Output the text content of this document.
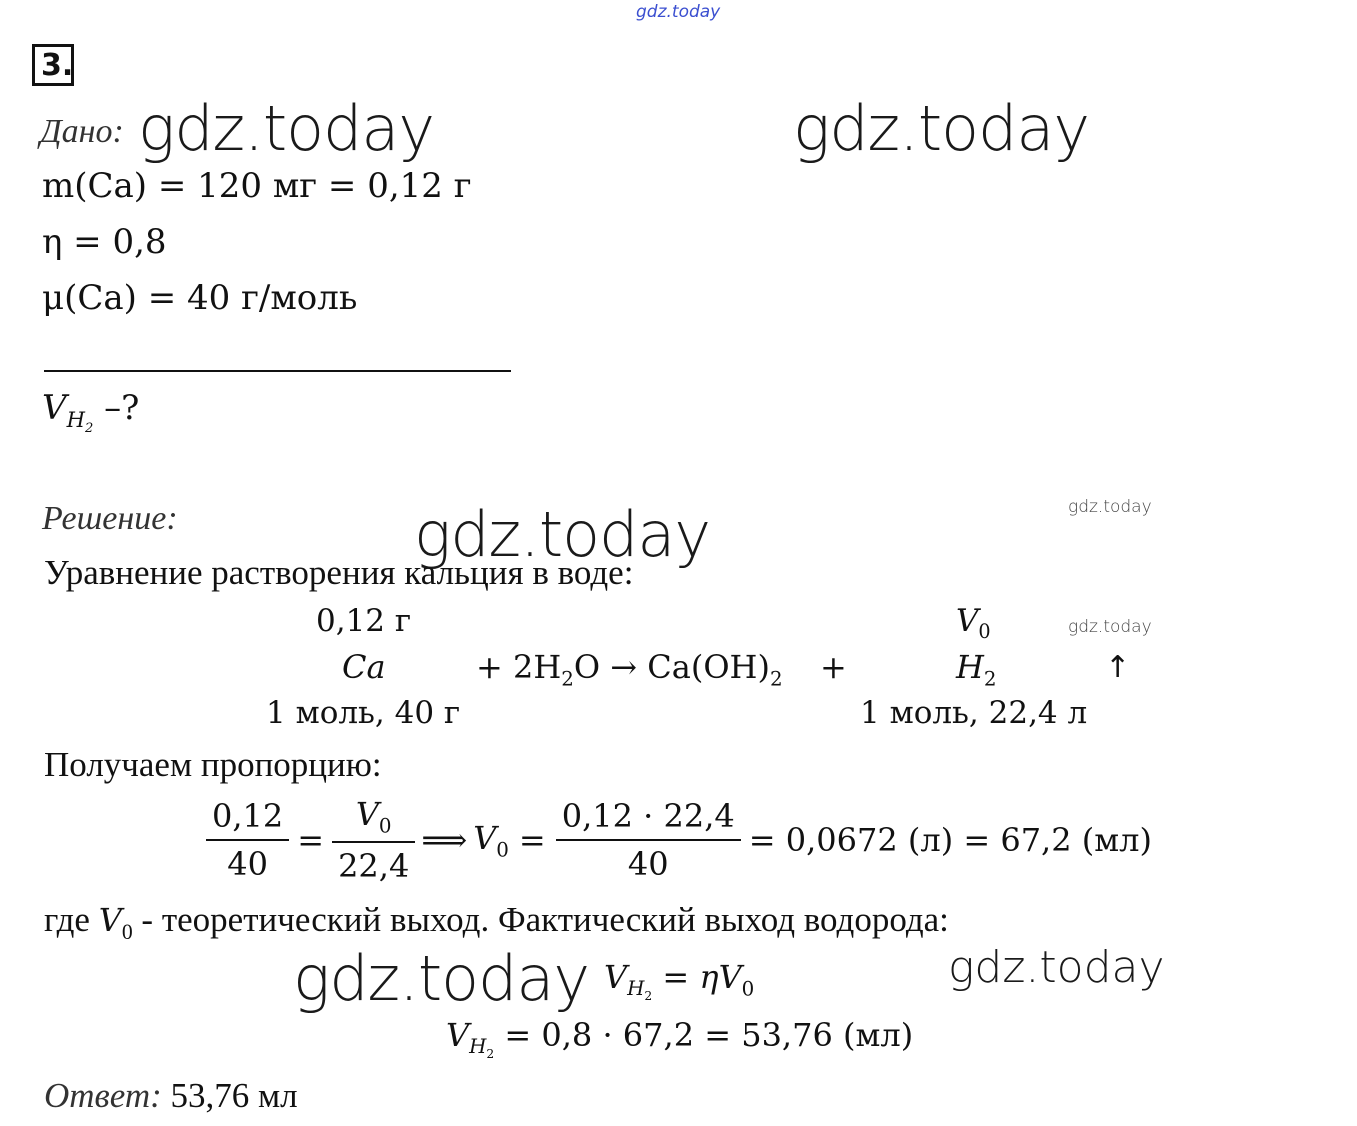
gdz.today
gdz.today	gdz.today
gdz.today	gdz.today
gdz.today
gdz.today	gdz.today
3.
Дано:
m(Ca) = 120 мг = 0,12 г
η = 0,8
μ(Ca) = 40 г/моль
$V_{H_2}$ –?
Решение:
Уравнение растворения кальция в воде:
0,12 г	$V_0$
Ca	+ $2H_2O \to Ca(OH)_2$ +	$H_2$	↑
1 моль, 40 г	1 моль, 22,4 л
Получаем пропорцию:
$\frac{0,12}{40} = \frac{V_0}{22,4}$ ⟹ $V_0 = \frac{0,12 \cdot 22,4}{40} = 0,0672$ (л) = 67,2 (мл)
где $V_0$ - теоретический выход. Фактический выход водорода:
$V_{H_2} = \eta V_0$
$V_{H_2} = 0,8 \cdot 67,2 = 53,76$ (мл)
Ответ: 53,76 мл
